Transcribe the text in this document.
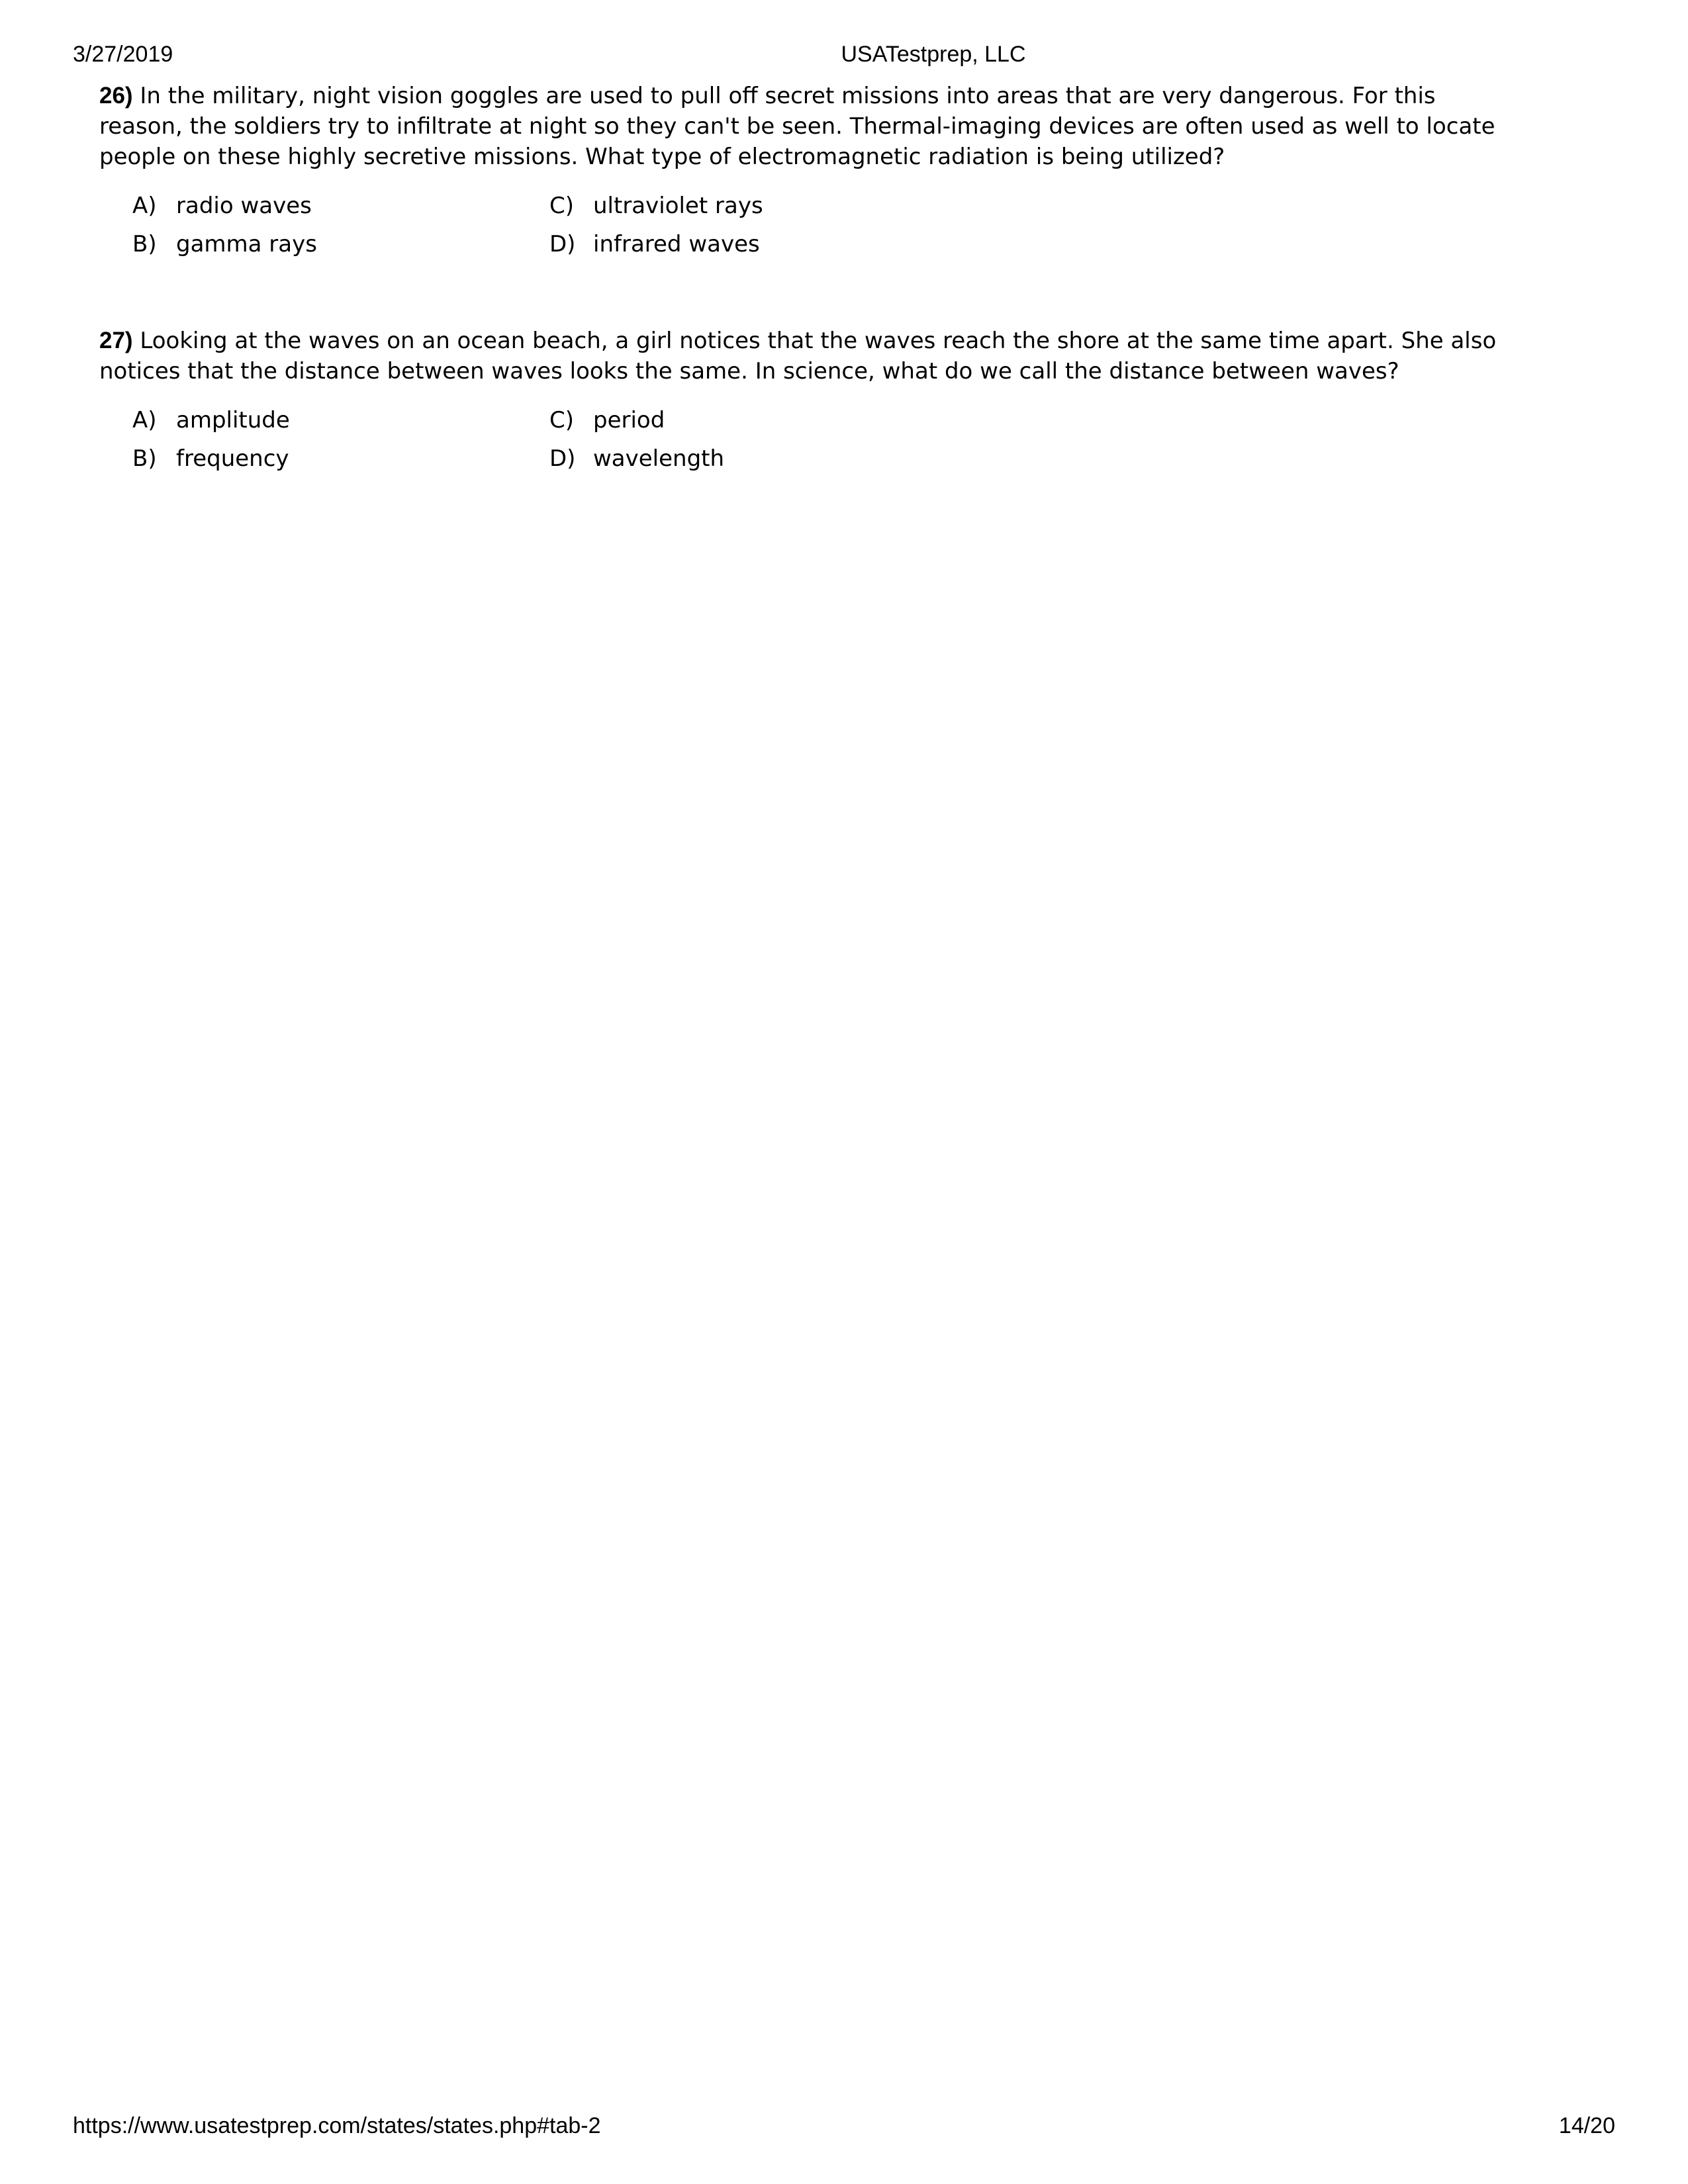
3/27/2019	USATestprep, LLC

26) In the military, night vision goggles are used to pull off secret missions into areas that are very dangerous. For this reason, the soldiers try to infiltrate at night so they can't be seen. Thermal-imaging devices are often used as well to locate people on these highly secretive missions. What type of electromagnetic radiation is being utilized?

A) radio waves
B) gamma rays
C) ultraviolet rays
D) infrared waves

27) Looking at the waves on an ocean beach, a girl notices that the waves reach the shore at the same time apart. She also notices that the distance between waves looks the same. In science, what do we call the distance between waves?

A) amplitude
B) frequency
C) period
D) wavelength
https://www.usatestprep.com/states/states.php#tab-2	14/20
